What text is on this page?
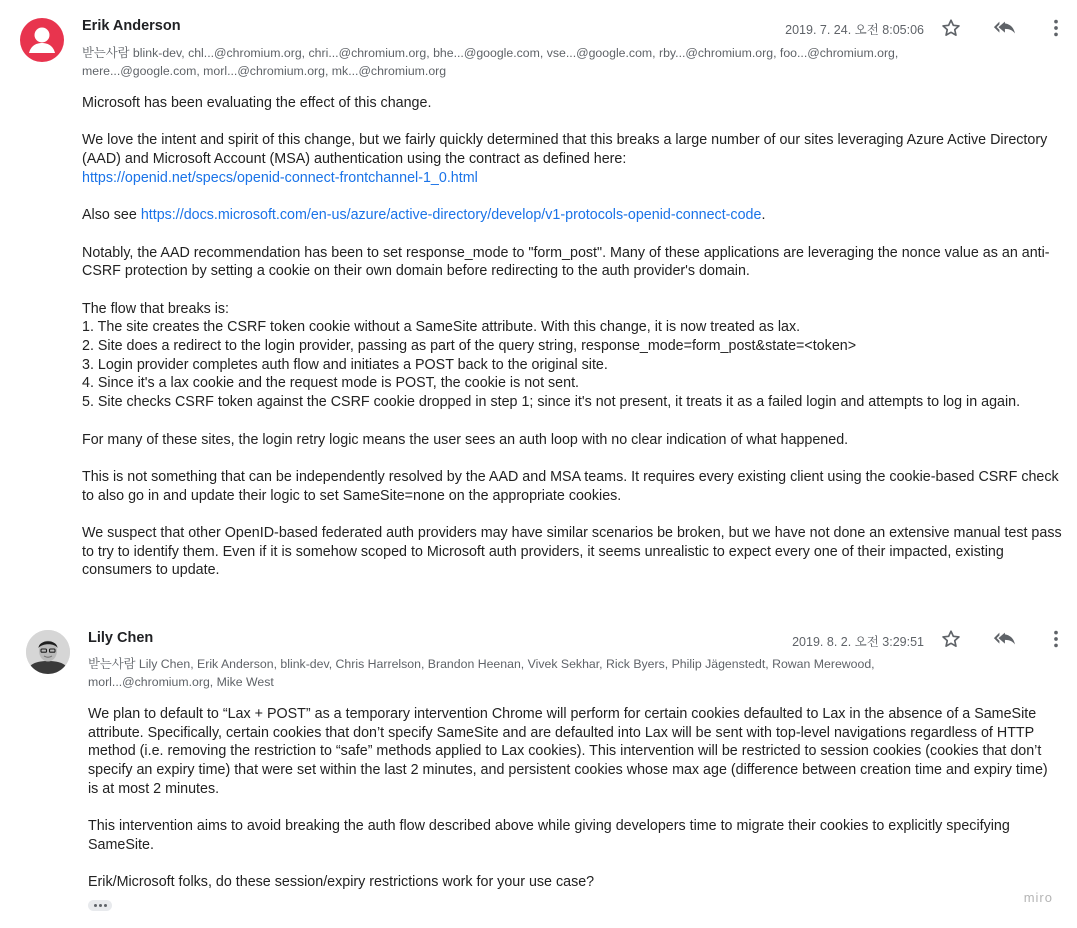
Erik Anderson	2019. 7. 24. 오전 8:05:06
받는사람 blink-dev, chl...@chromium.org, chri...@chromium.org, bhe...@google.com, vse...@google.com, rby...@chromium.org, foo...@chromium.org,
mere...@google.com, morl...@chromium.org, mk...@chromium.org

Microsoft has been evaluating the effect of this change.

We love the intent and spirit of this change, but we fairly quickly determined that this breaks a large number of our sites leveraging Azure Active Directory (AAD) and Microsoft Account (MSA) authentication using the contract as defined here:
https://openid.net/specs/openid-connect-frontchannel-1_0.html

Also see https://docs.microsoft.com/en-us/azure/active-directory/develop/v1-protocols-openid-connect-code.

Notably, the AAD recommendation has been to set response_mode to "form_post". Many of these applications are leveraging the nonce value as an anti-CSRF protection by setting a cookie on their own domain before redirecting to the auth provider's domain.

The flow that breaks is:
1. The site creates the CSRF token cookie without a SameSite attribute. With this change, it is now treated as lax.
2. Site does a redirect to the login provider, passing as part of the query string, response_mode=form_post&state=<token>
3. Login provider completes auth flow and initiates a POST back to the original site.
4. Since it's a lax cookie and the request mode is POST, the cookie is not sent.
5. Site checks CSRF token against the CSRF cookie dropped in step 1; since it's not present, it treats it as a failed login and attempts to log in again.

For many of these sites, the login retry logic means the user sees an auth loop with no clear indication of what happened.

This is not something that can be independently resolved by the AAD and MSA teams. It requires every existing client using the cookie-based CSRF check to also go in and update their logic to set SameSite=none on the appropriate cookies.

We suspect that other OpenID-based federated auth providers may have similar scenarios be broken, but we have not done an extensive manual test pass to try to identify them. Even if it is somehow scoped to Microsoft auth providers, it seems unrealistic to expect every one of their impacted, existing consumers to update.

Lily Chen	2019. 8. 2. 오전 3:29:51
받는사람 Lily Chen, Erik Anderson, blink-dev, Chris Harrelson, Brandon Heenan, Vivek Sekhar, Rick Byers, Philip Jägenstedt, Rowan Merewood,
morl...@chromium.org, Mike West

We plan to default to “Lax + POST” as a temporary intervention Chrome will perform for certain cookies defaulted to Lax in the absence of a SameSite attribute. Specifically, certain cookies that don’t specify SameSite and are defaulted into Lax will be sent with top-level navigations regardless of HTTP method (i.e. removing the restriction to “safe” methods applied to Lax cookies). This intervention will be restricted to session cookies (cookies that don’t specify an expiry time) that were set within the last 2 minutes, and persistent cookies whose max age (difference between creation time and expiry time) is at most 2 minutes.

This intervention aims to avoid breaking the auth flow described above while giving developers time to migrate their cookies to explicitly specifying SameSite.

Erik/Microsoft folks, do these session/expiry restrictions work for your use case?

miro
